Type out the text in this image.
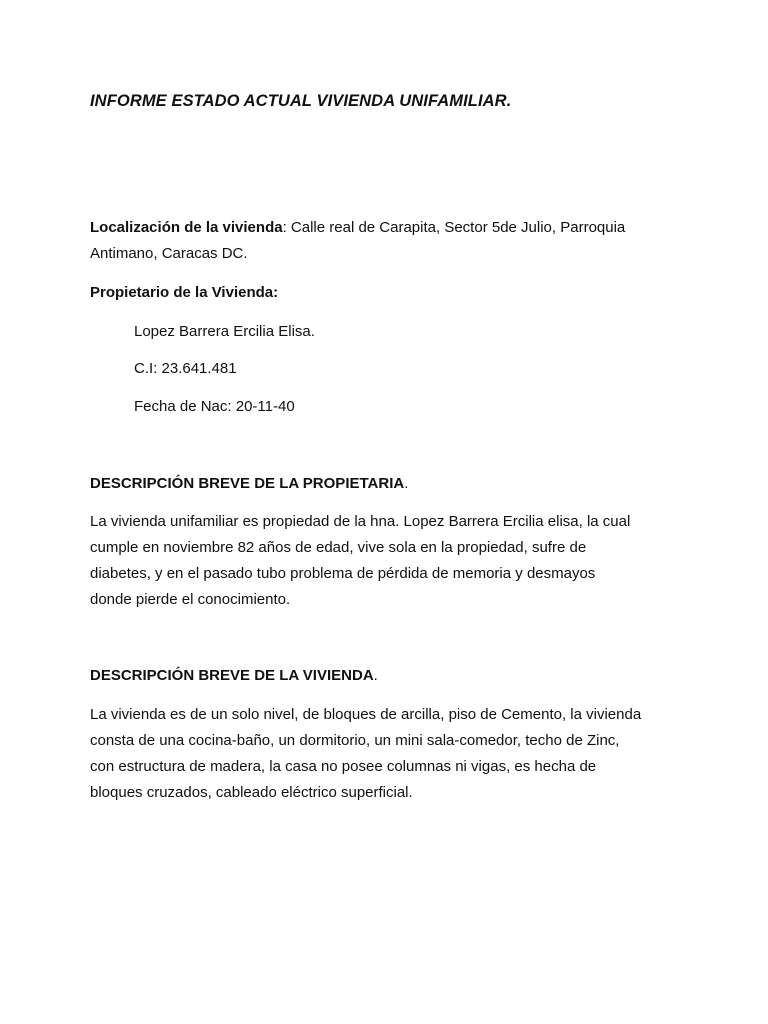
INFORME ESTADO ACTUAL VIVIENDA UNIFAMILIAR.
Localización de la vivienda: Calle real de Carapita, Sector 5de Julio, Parroquia
Antimano, Caracas DC.
Propietario de la Vivienda:
Lopez Barrera Ercilia Elisa.
C.I: 23.641.481
Fecha de Nac: 20-11-40
DESCRIPCIÓN BREVE DE LA PROPIETARIA.
La vivienda unifamiliar es propiedad de la hna. Lopez Barrera Ercilia elisa, la cual
cumple en noviembre 82 años de edad, vive sola en la propiedad, sufre de
diabetes, y en el pasado tubo problema de pérdida de memoria y desmayos
donde pierde el conocimiento.
DESCRIPCIÓN BREVE DE LA VIVIENDA.
La vivienda es de un solo nivel, de bloques de arcilla, piso de Cemento, la vivienda
consta de una cocina-baño, un dormitorio, un mini sala-comedor, techo de Zinc,
con estructura de madera, la casa no posee columnas ni vigas, es hecha de
bloques cruzados, cableado eléctrico superficial.
